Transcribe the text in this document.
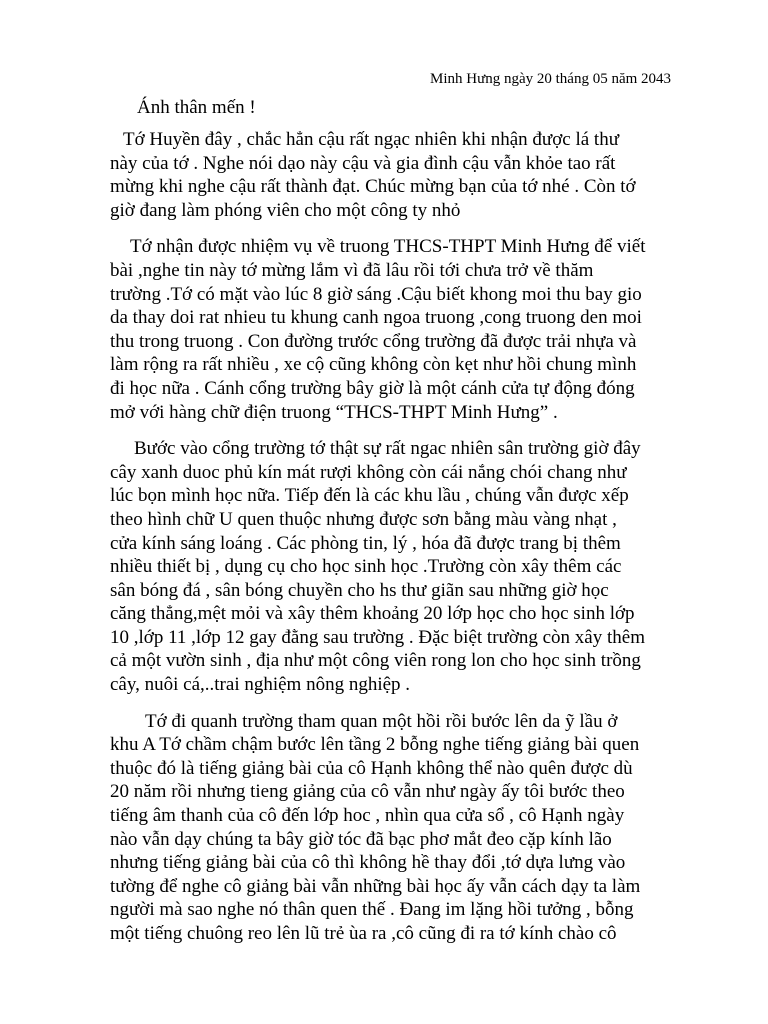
Minh Hưng ngày 20 tháng 05 năm 2043
Ánh thân mến !

Tớ Huyền đây , chắc hẳn cậu rất ngạc nhiên khi nhận được lá thư
này của tớ . Nghe nói dạo này cậu và gia đình cậu vẫn khỏe tao rất
mừng khi nghe cậu rất thành đạt. Chúc mừng bạn của tớ nhé . Còn tớ
giờ đang làm phóng viên cho một công ty nhỏ

Tớ nhận được nhiệm vụ về truong THCS-THPT Minh Hưng để viết
bài ,nghe tin này tớ mừng lắm vì đã lâu rồi tới chưa trở về thăm
trường .Tớ có mặt vào lúc 8 giờ sáng .Cậu biết khong moi thu bay gio
da thay doi rat nhieu tu khung canh ngoa truong ,cong truong den moi
thu trong truong . Con đường trước cổng trường đã được trải nhựa và
làm rộng ra rất nhiều , xe cộ cũng không còn kẹt như hồi chung mình
đi học nữa . Cánh cổng trường bây giờ là một cánh cửa tự động đóng
mở với hàng chữ điện truong “THCS-THPT Minh Hưng” .

Bước vào cổng trường tớ thật sự rất ngac nhiên sân trường giờ đây
cây xanh duoc phủ kín mát rượi không còn cái nắng chói chang như
lúc bọn mình học nữa. Tiếp đến là các khu lầu , chúng vẫn được xếp
theo hình chữ U quen thuộc nhưng được sơn bằng màu vàng nhạt ,
cửa kính sáng loáng . Các phòng tin, lý , hóa đã được trang bị thêm
nhiều thiết bị , dụng cụ cho học sinh học .Trường còn xây thêm các
sân bóng đá , sân bóng chuyền cho hs thư giãn sau những giờ học
căng thẳng,mệt mỏi và xây thêm khoảng 20 lớp học cho học sinh lớp
10 ,lớp 11 ,lớp 12 gay đằng sau trường . Đặc biệt trường còn xây thêm
cả một vườn sinh , địa như một công viên rong lon cho học sinh trồng
cây, nuôi cá,..trai nghiệm nông nghiệp .

Tớ đi quanh trường tham quan một hồi rồi bước lên da ỹ lầu ở
khu A Tớ chầm chậm bước lên tầng 2 bỗng nghe tiếng giảng bài quen
thuộc đó là tiếng giảng bài của cô Hạnh không thể nào quên được dù
20 năm rồi nhưng tieng giảng của cô vẫn như ngày ấy tôi bước theo
tiếng âm thanh của cô đến lớp hoc , nhìn qua cửa sổ , cô Hạnh ngày
nào vẫn dạy chúng ta bây giờ tóc đã bạc phơ mắt đeo cặp kính lão
nhưng tiếng giảng bài của cô thì không hề thay đổi ,tớ dựa lưng vào
tường để nghe cô giảng bài vẫn những bài học ấy vẫn cách dạy ta làm
người mà sao nghe nó thân quen thế . Đang im lặng hồi tưởng , bỗng
một tiếng chuông reo lên lũ trẻ ùa ra ,cô cũng đi ra tớ kính chào cô
